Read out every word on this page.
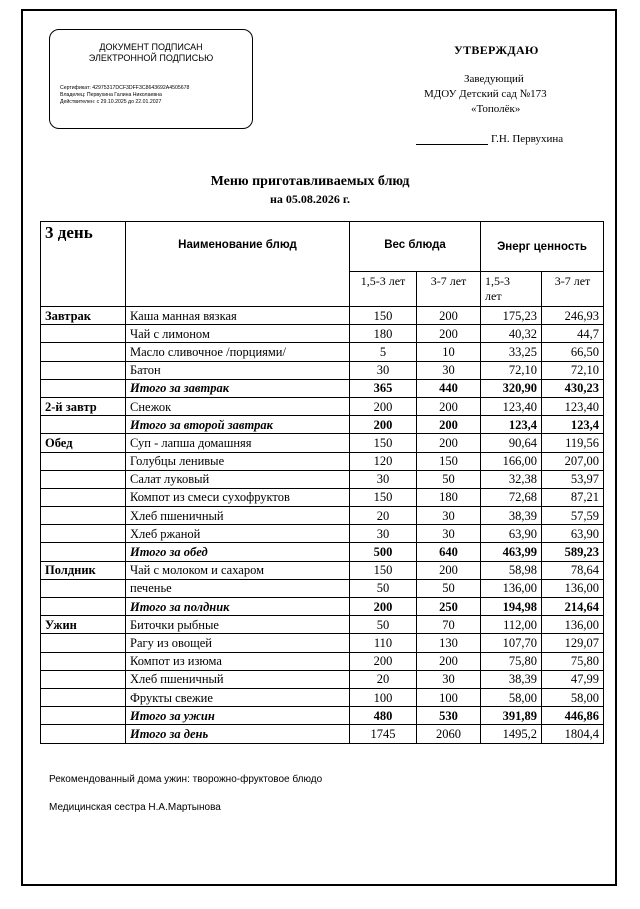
ДОКУМЕНТ ПОДПИСАН
ЭЛЕКТРОННОЙ ПОДПИСЬЮ
Сертификат: 42975317DCF3DFF3C8643692A4505678
Владелец: Первухина Галина Николаевна
Действителен: с 29.10.2025 до 22.01.2027
УТВЕРЖДАЮ
Заведующий
МДОУ Детский сад №173
«Тополёк»
Г.Н. Первухина
Меню приготавливаемых блюд
на 05.08.2026 г.
3 день	Наименование блюд	Вес блюда		Энерг ценность	
		1,5-3 лет	3-7 лет	1,5-3 лет	3-7 лет
Завтрак	Каша манная вязкая	150	200	175,23	246,93
	Чай с лимоном	180	200	40,32	44,7
	Масло сливочное /порциями/	5	10	33,25	66,50
	Батон	30	30	72,10	72,10
	Итого за завтрак	365	440	320,90	430,23
2-й завтр	Снежок	200	200	123,40	123,40
	Итого за второй завтрак	200	200	123,4	123,4
Обед	Суп - лапша домашняя	150	200	90,64	119,56
	Голубцы ленивые	120	150	166,00	207,00
	Салат луковый	30	50	32,38	53,97
	Компот из смеси сухофруктов	150	180	72,68	87,21
	Хлеб пшеничный	20	30	38,39	57,59
	Хлеб ржаной	30	30	63,90	63,90
	Итого за обед	500	640	463,99	589,23
Полдник	Чай с молоком и сахаром	150	200	58,98	78,64
	печенье	50	50	136,00	136,00
	Итого за полдник	200	250	194,98	214,64
Ужин	Биточки рыбные	50	70	112,00	136,00
	Рагу из овощей	110	130	107,70	129,07
	Компот из изюма	200	200	75,80	75,80
	Хлеб пшеничный	20	30	38,39	47,99
	Фрукты свежие	100	100	58,00	58,00
	Итого за ужин	480	530	391,89	446,86
	Итого за день	1745	2060	1495,2	1804,4
Рекомендованный дома ужин: творожно-фруктовое блюдо
Медицинская сестра Н.А.Мартынова
